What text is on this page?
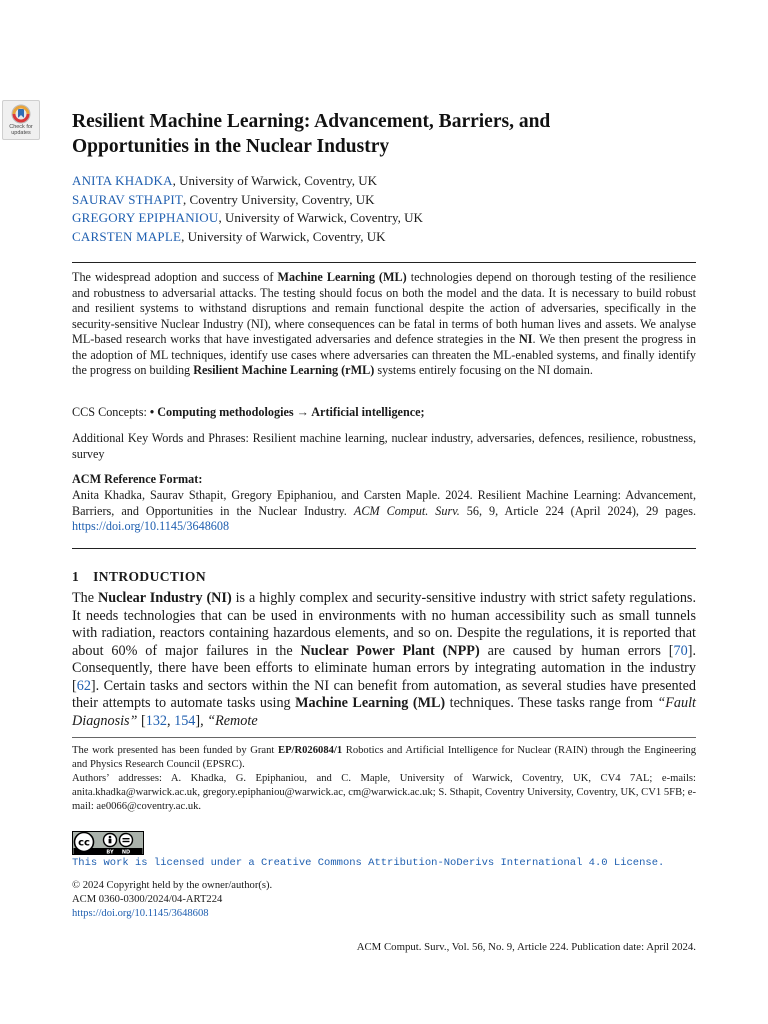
Check for
updates
Resilient Machine Learning: Advancement, Barriers, and
Opportunities in the Nuclear Industry
ANITA KHADKA, University of Warwick, Coventry, UK
SAURAV STHAPIT, Coventry University, Coventry, UK
GREGORY EPIPHANIOU, University of Warwick, Coventry, UK
CARSTEN MAPLE, University of Warwick, Coventry, UK

The widespread adoption and success of Machine Learning (ML) technologies depend on thorough testing of the resilience and robustness to adversarial attacks. The testing should focus on both the model and the data. It is necessary to build robust and resilient systems to withstand disruptions and remain functional despite the action of adversaries, specifically in the security-sensitive Nuclear Industry (NI), where consequences can be fatal in terms of both human lives and assets. We analyse ML-based research works that have investigated adversaries and defence strategies in the NI. We then present the progress in the adoption of ML techniques, identify use cases where adversaries can threaten the ML-enabled systems, and finally identify the progress on building Resilient Machine Learning (rML) systems entirely focusing on the NI domain.

CCS Concepts: • Computing methodologies → Artificial intelligence;
Additional Key Words and Phrases: Resilient machine learning, nuclear industry, adversaries, defences, resilience, robustness, survey
ACM Reference Format:
Anita Khadka, Saurav Sthapit, Gregory Epiphaniou, and Carsten Maple. 2024. Resilient Machine Learning: Advancement, Barriers, and Opportunities in the Nuclear Industry. ACM Comput. Surv. 56, 9, Article 224 (April 2024), 29 pages. https://doi.org/10.1145/3648608
1 INTRODUCTION

The Nuclear Industry (NI) is a highly complex and security-sensitive industry with strict safety regulations. It needs technologies that can be used in environments with no human accessibility such as small tunnels with radiation, reactors containing hazardous elements, and so on. Despite the regulations, it is reported that about 60% of major failures in the Nuclear Power Plant (NPP) are caused by human errors [70]. Consequently, there have been efforts to eliminate human errors by integrating automation in the industry [62]. Certain tasks and sectors within the NI can benefit from automation, as several studies have presented their attempts to automate tasks using Machine Learning (ML) techniques. These tasks range from “Fault Diagnosis” [132, 154], “Remote

The work presented has been funded by Grant EP/R026084/1 Robotics and Artificial Intelligence for Nuclear (RAIN) through the Engineering and Physics Research Council (EPSRC).
Authors’ addresses: A. Khadka, G. Epiphaniou, and C. Maple, University of Warwick, Coventry, UK, CV4 7AL; e-mails: anita.khadka@warwick.ac.uk, gregory.epiphaniou@warwick.ac, cm@warwick.ac.uk; S. Sthapit, Coventry University, Coventry, UK, CV1 5FB; e-mail: ae0066@coventry.ac.uk.

cc
BY ND
This work is licensed under a Creative Commons Attribution-NoDerivs International 4.0 License.
© 2024 Copyright held by the owner/author(s).
ACM 0360-0300/2024/04-ART224
https://doi.org/10.1145/3648608
ACM Comput. Surv., Vol. 56, No. 9, Article 224. Publication date: April 2024.
